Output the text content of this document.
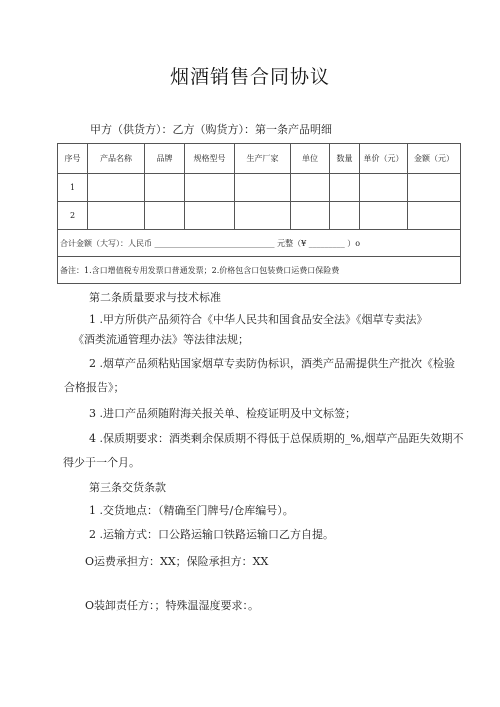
烟酒销售合同协议
甲方（供货方）：乙方（购货方）：第一条产品明细
序号	产品名称	品牌	规格型号	生产厂家	单位	数量	单价（元）	金额（元）
1								
2								
合计金额（大写）：人民币 ______________________________ 元整（¥ _________ ）o								
备注：1.含口增值税专用发票口普通发票；2.价格包含口包装费口运费口保险费								
第二条质量要求与技术标准
1 .甲方所供产品须符合《中华人民共和国食品安全法》《烟草专卖法》
《酒类流通管理办法》等法律法规；
2 .烟草产品须粘贴国家烟草专卖防伪标识，酒类产品需提供生产批次《检验
合格报告》；
3 .进口产品须随附海关报关单、检疫证明及中文标签；
4 .保质期要求：酒类剩余保质期不得低于总保质期的_%,烟草产品距失效期不
得少于一个月。
第三条交货条款
1 .交货地点：（精确至门牌号/仓库编号）。
2 .运输方式：口公路运输口铁路运输口乙方自提。
O运费承担方：XX；保险承担方：XX
O装卸责任方：；特殊温湿度要求：。
